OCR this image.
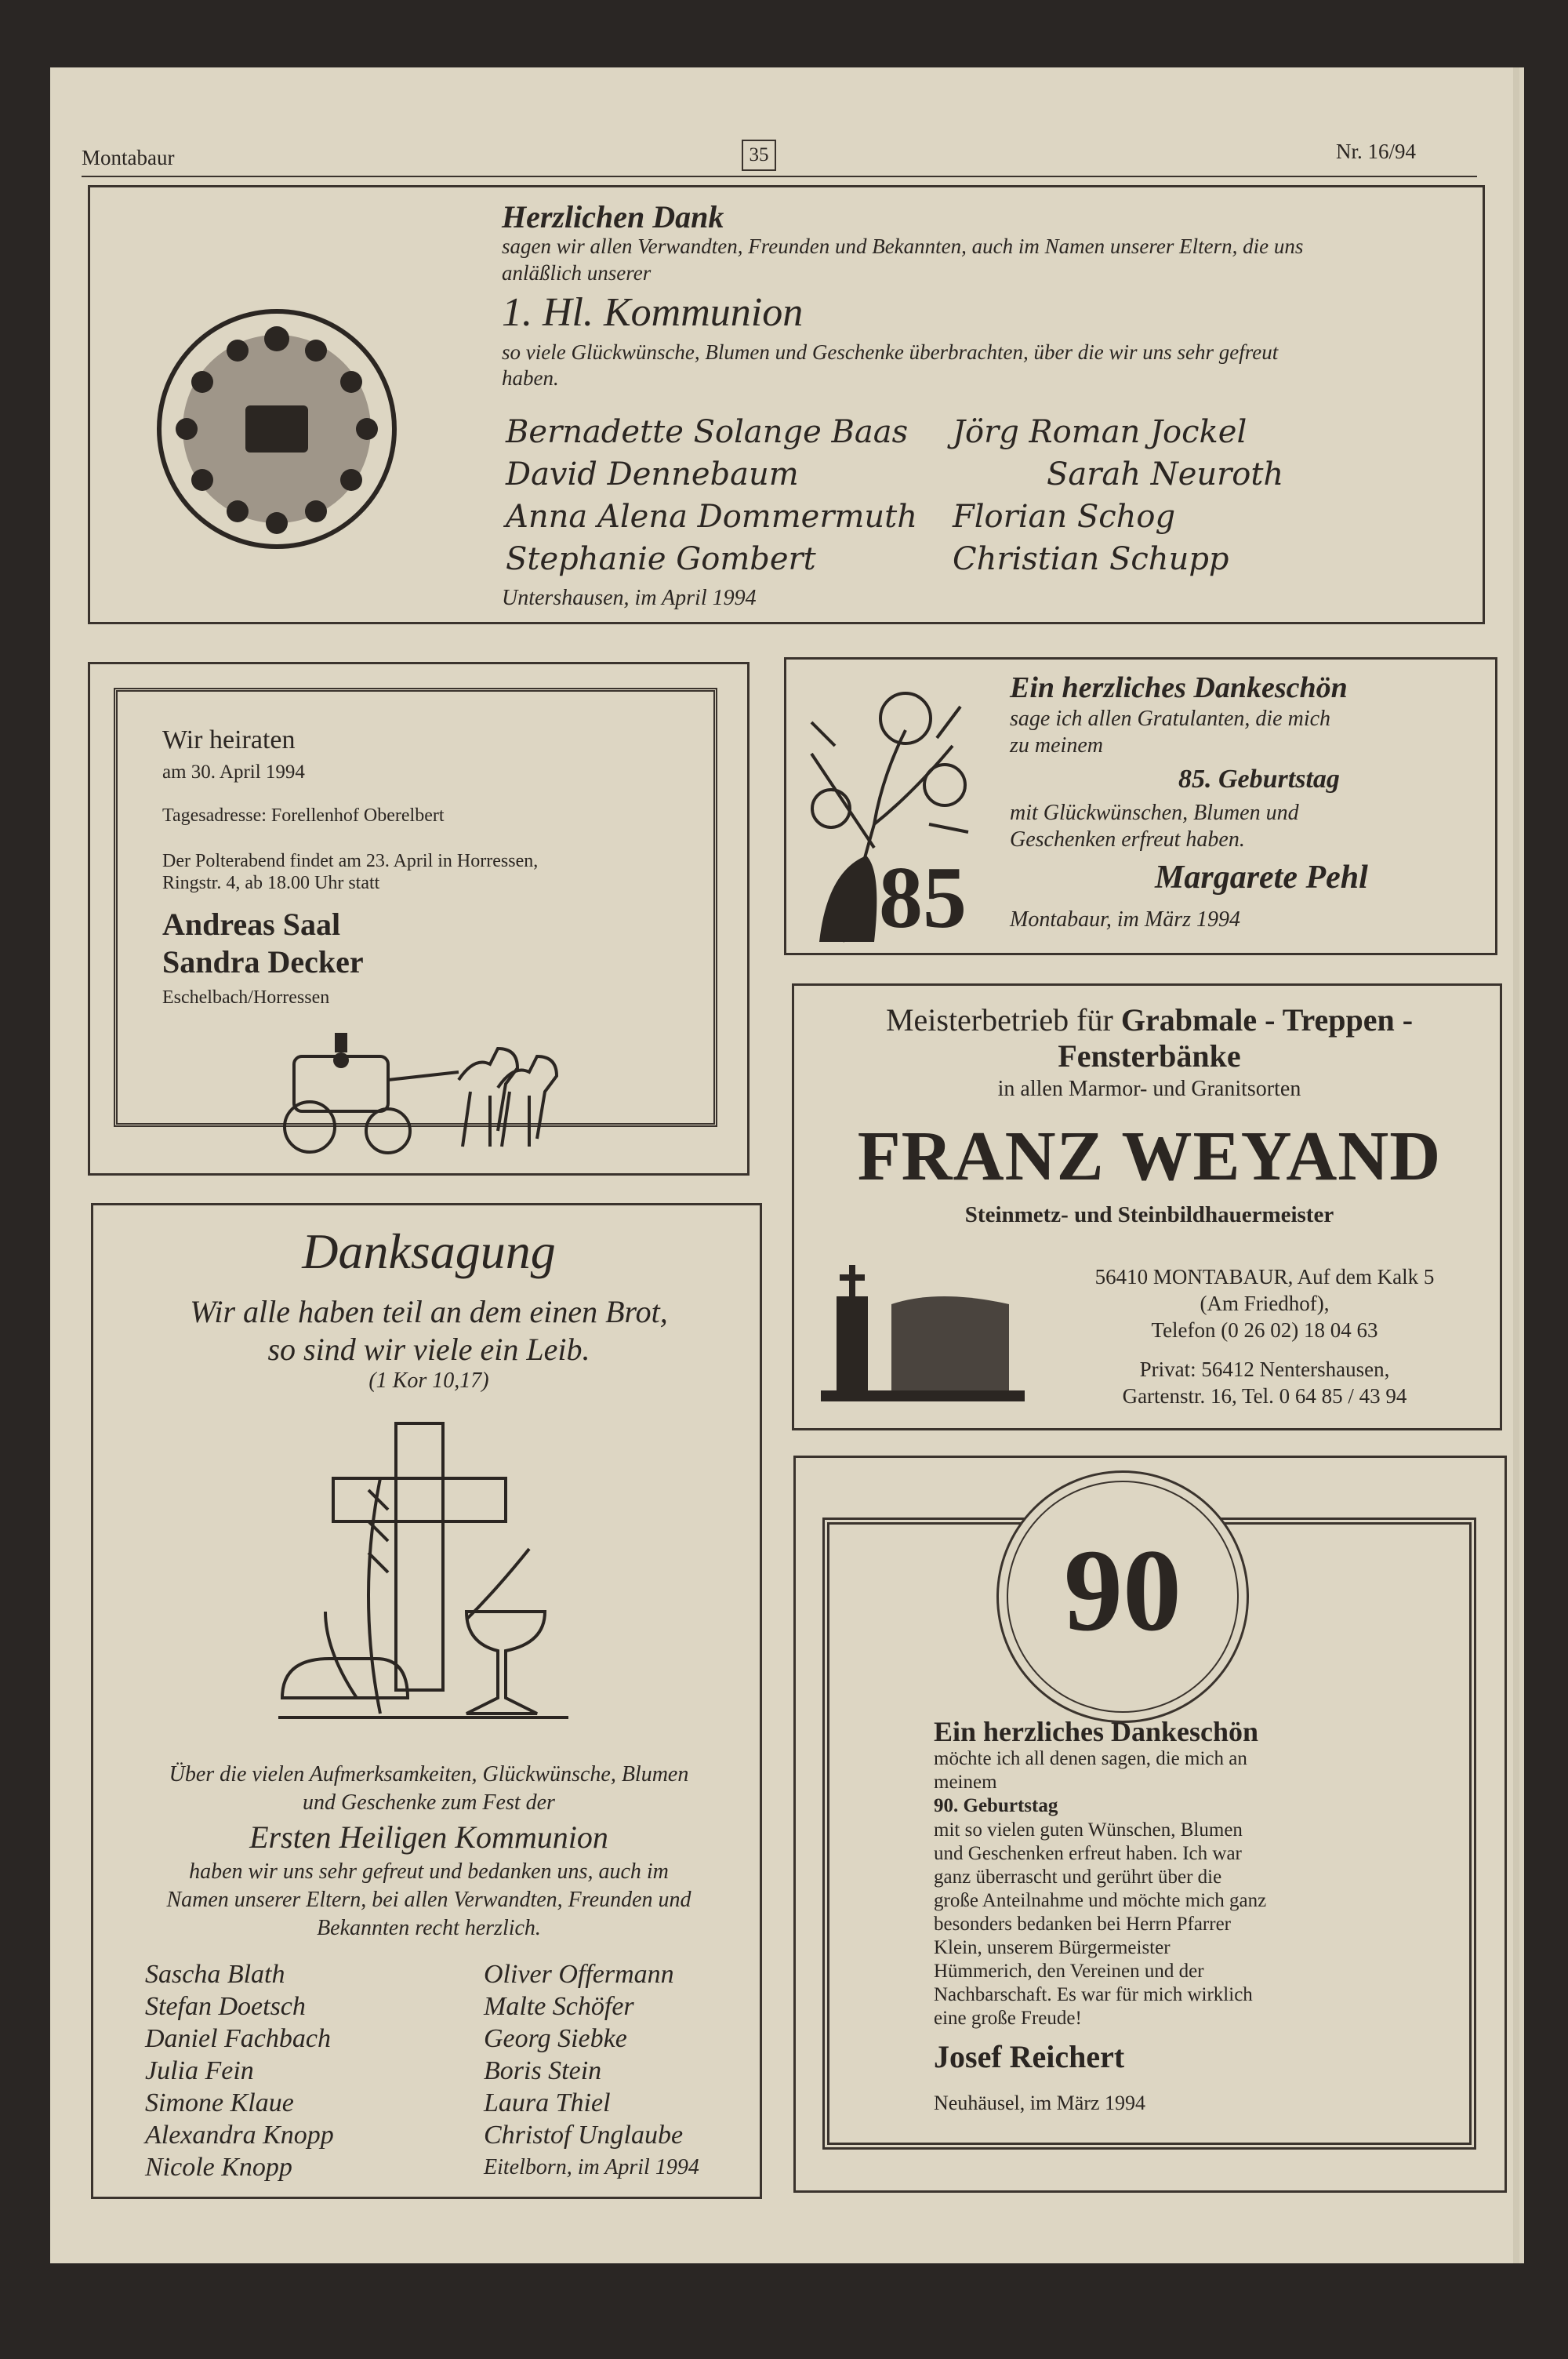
Montabaur	35	Nr. 16/94
Herzlichen Dank
sagen wir allen Verwandten, Freunden und Bekannten, auch im Namen unserer Eltern, die uns
anläßlich unserer
1. Hl. Kommunion
so viele Glückwünsche, Blumen und Geschenke überbrachten, über die wir uns sehr gefreut
haben.
Bernadette Solange Baas
David Dennebaum
Anna Alena Dommermuth
Stephanie Gombert
Jörg Roman Jockel
Sarah Neuroth
Florian Schog
Christian Schupp
Untershausen, im April 1994
Wir heiraten
am 30. April 1994
Tagesadresse: Forellenhof Oberelbert
Der Polterabend findet am 23. April in Horressen,
Ringstr. 4, ab 18.00 Uhr statt
Andreas Saal
Sandra Decker
Eschelbach/Horressen
85
Ein herzliches Dankeschön
sage ich allen Gratulanten, die mich
zu meinem
85. Geburtstag
mit Glückwünschen, Blumen und
Geschenken erfreut haben.
Margarete Pehl
Montabaur, im März 1994
Meisterbetrieb für Grabmale - Treppen -
Fensterbänke
in allen Marmor- und Granitsorten
FRANZ WEYAND
Steinmetz- und Steinbildhauermeister
56410 MONTABAUR, Auf dem Kalk 5
(Am Friedhof),
Telefon (0 26 02) 18 04 63
Privat: 56412 Nentershausen,
Gartenstr. 16, Tel. 0 64 85 / 43 94
Danksagung
Wir alle haben teil an dem einen Brot,
so sind wir viele ein Leib.
(1 Kor 10,17)
Über die vielen Aufmerksamkeiten, Glückwünsche, Blumen
und Geschenke zum Fest der
Ersten Heiligen Kommunion
haben wir uns sehr gefreut und bedanken uns, auch im
Namen unserer Eltern, bei allen Verwandten, Freunden und
Bekannten recht herzlich.
Sascha Blath
Stefan Doetsch
Daniel Fachbach
Julia Fein
Simone Klaue
Alexandra Knopp
Nicole Knopp
Oliver Offermann
Malte Schöfer
Georg Siebke
Boris Stein
Laura Thiel
Christof Unglaube
Eitelborn, im April 1994
90
Ein herzliches Dankeschön
möchte ich all denen sagen, die mich an
meinem
90. Geburtstag
mit so vielen guten Wünschen, Blumen
und Geschenken erfreut haben. Ich war
ganz überrascht und gerührt über die
große Anteilnahme und möchte mich ganz
besonders bedanken bei Herrn Pfarrer
Klein, unserem Bürgermeister
Hümmerich, den Vereinen und der
Nachbarschaft. Es war für mich wirklich
eine große Freude!
Josef Reichert
Neuhäusel, im März 1994
